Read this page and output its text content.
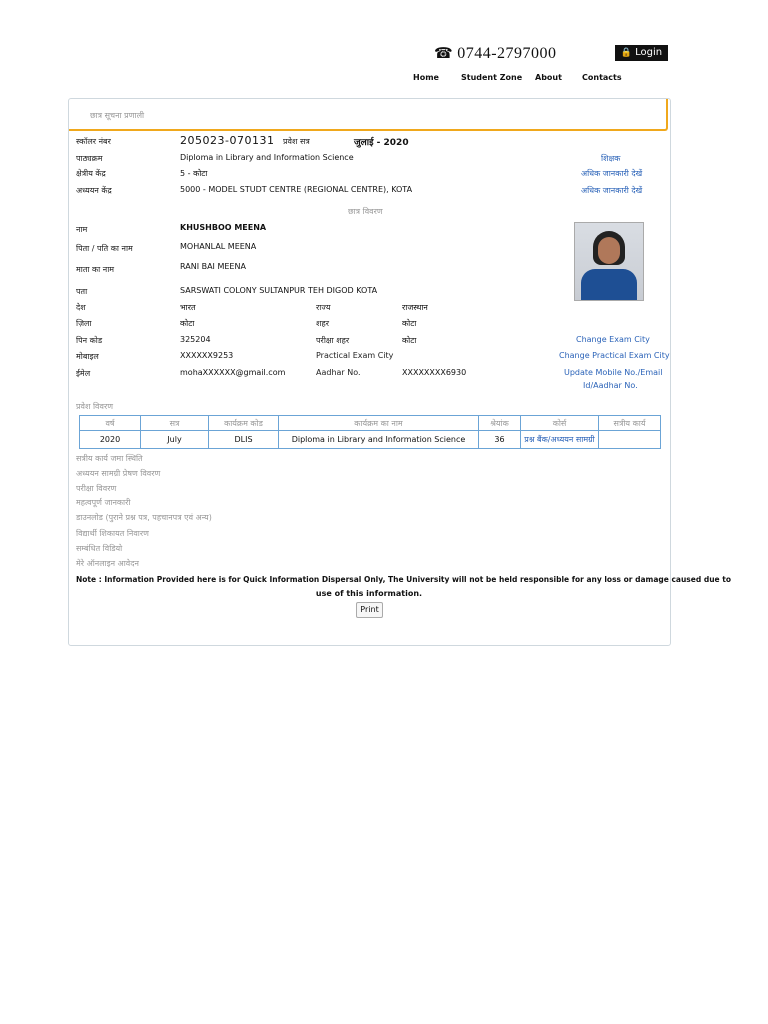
☎ 0744-2797000	🔒 Login
Home	Student Zone About	Contacts
छात्र सूचना प्रणाली
स्कॉलर नंबर	205023-070131 प्रवेश सत्र	जुलाई - 2020
पाठ्यक्रम	Diploma in Library and Information Science	शिक्षक
क्षेत्रीय केंद्र	5 - कोटा	अधिक जानकारी देखें
अध्ययन केंद्र	5000 - MODEL STUDT CENTRE (REGIONAL CENTRE), KOTA	अधिक जानकारी देखें
छात्र विवरण
नाम	KHUSHBOO MEENA
पिता / पति का नाम	MOHANLAL MEENA
माता का नाम	RANI BAI MEENA
पता	SARSWATI COLONY SULTANPUR TEH DIGOD KOTA
देश	भारत	राज्य	राजस्थान
ज़िला	कोटा	शहर	कोटा
पिन कोड	325204	परीक्षा शहर	कोटा	Change Exam City
मोबाइल	XXXXXX9253	Practical Exam City	Change Practical Exam City
ईमेल	mohaXXXXXX@gmail.com	Aadhar No.	XXXXXXXX6930	Update Mobile No./Email
Id/Aadhar No.
प्रवेश विवरण
वर्ष	सत्र	कार्यक्रम कोड	कार्यक्रम का नाम	श्रेयांक	कोर्स	सत्रीय कार्य
2020	July	DLIS	Diploma in Library and Information Science	36	प्रश्न बैंक/अध्ययन सामग्री	
सत्रीय कार्य जमा स्थिति
अध्ययन सामग्री प्रेषण विवरण
परीक्षा विवरण
महत्वपूर्ण जानकारी
डाउनलोड (पुराने प्रश्न पत्र, पहचानपत्र एवं अन्य)
विद्यार्थी शिकायत निवारण
सम्बंधित विडियो
मेरे ऑनलाइन आवेदन
Note : Information Provided here is for Quick Information Dispersal Only, The University will not be held responsible for any loss or damage caused due to
use of this information.
Print
